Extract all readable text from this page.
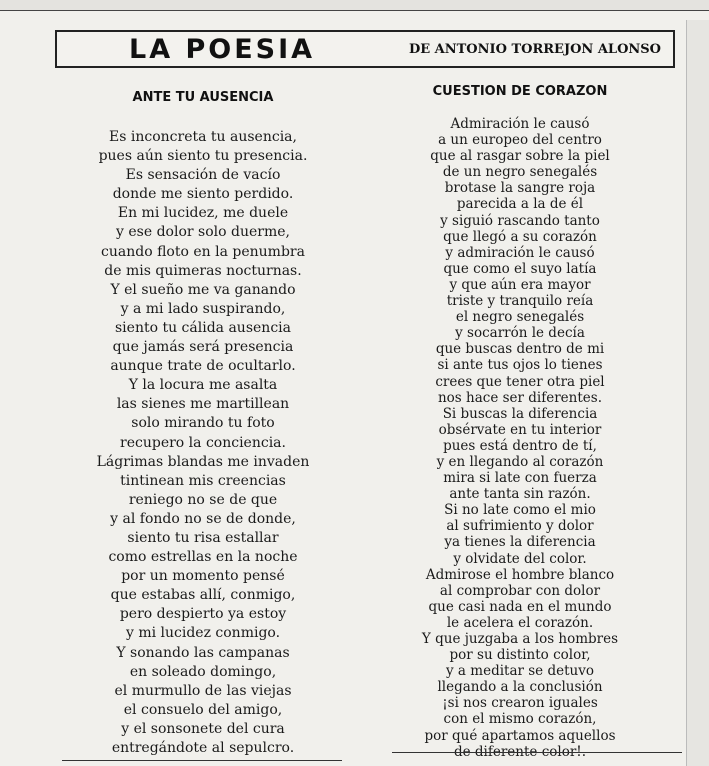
LA POESIA	DE ANTONIO TORREJON ALONSO
ANTE TU AUSENCIA
Es inconcreta tu ausencia,
pues aún siento tu presencia.
Es sensación de vacío
donde me siento perdido.
En mi lucidez, me duele
y ese dolor solo duerme,
cuando floto en la penumbra
de mis quimeras nocturnas.
Y el sueño me va ganando
y a mi lado suspirando,
siento tu cálida ausencia
que jamás será presencia
aunque trate de ocultarlo.
Y la locura me asalta
las sienes me martillean
solo mirando tu foto
recupero la conciencia.
Lágrimas blandas me invaden
tintinean mis creencias
reniego no se de que
y al fondo no se de donde,
siento tu risa estallar
como estrellas en la noche
por un momento pensé
que estabas allí, conmigo,
pero despierto ya estoy
y mi lucidez conmigo.
Y sonando las campanas
en soleado domingo,
el murmullo de las viejas
el consuelo del amigo,
y el sonsonete del cura
entregándote al sepulcro.
CUESTION DE CORAZON
Admiración le causó
a un europeo del centro
que al rasgar sobre la piel
de un negro senegalés
brotase la sangre roja
parecida a la de él
y siguió rascando tanto
que llegó a su corazón
y admiración le causó
que como el suyo latía
y que aún era mayor
triste y tranquilo reía
el negro senegalés
y socarrón le decía
que buscas dentro de mi
si ante tus ojos lo tienes
crees que tener otra piel
nos hace ser diferentes.
Si buscas la diferencia
obsérvate en tu interior
pues está dentro de tí,
y en llegando al corazón
mira si late con fuerza
ante tanta sin razón.
Si no late como el mio
al sufrimiento y dolor
ya tienes la diferencia
y olvidate del color.
Admirose el hombre blanco
al comprobar con dolor
que casi nada en el mundo
le acelera el corazón.
Y que juzgaba a los hombres
por su distinto color,
y a meditar se detuvo
llegando a la conclusión
¡si nos crearon iguales
con el mismo corazón,
por qué apartamos aquellos
de diferente color!.
